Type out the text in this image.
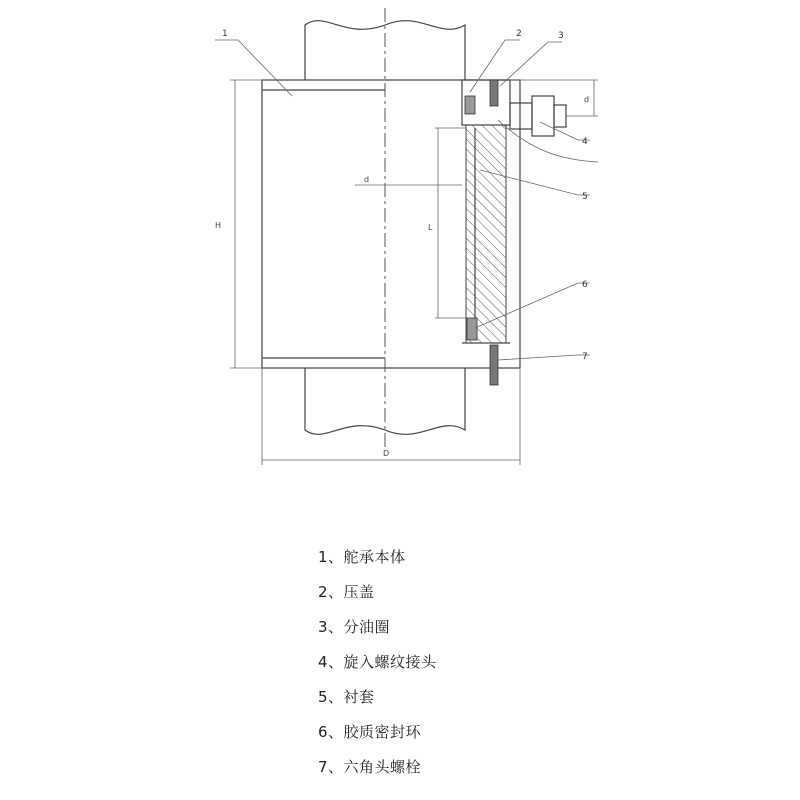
H
D
L
d
d
1	2	3
4
5
6
7
1、舵承本体
2、压盖
3、分油圈
4、旋入螺纹接头
5、衬套
6、胶质密封环
7、六角头螺栓
